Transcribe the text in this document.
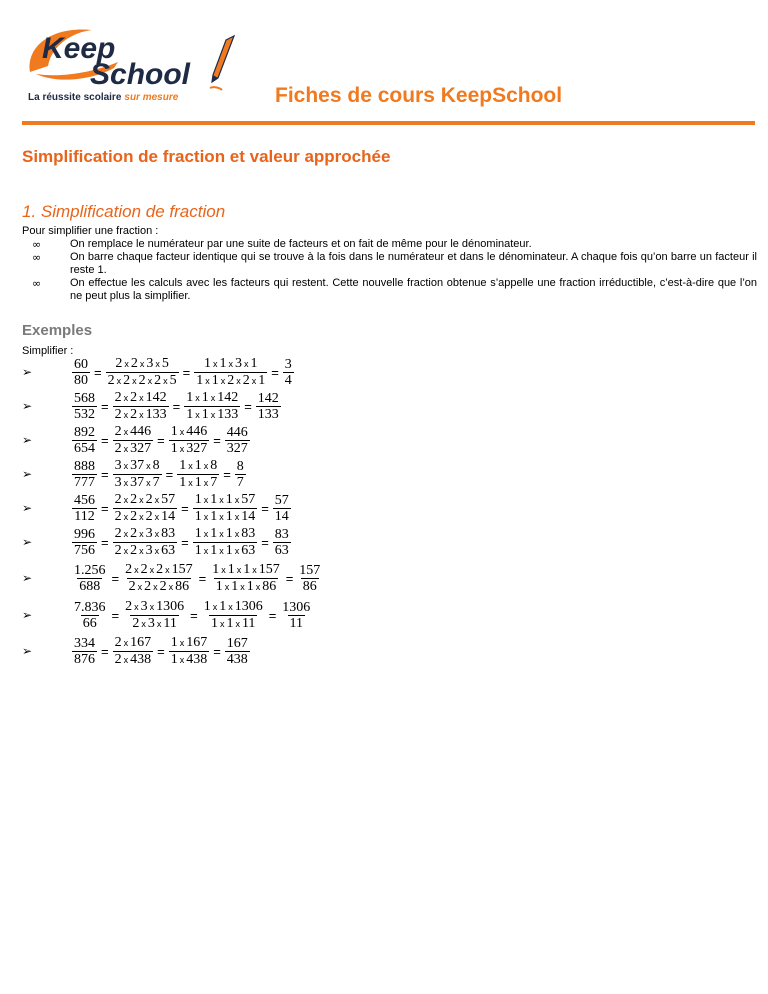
Keep
School
La réussite scolaire sur mesure	Fiches de cours KeepSchool
Simplification de fraction et valeur approchée
1. Simplification de fraction

Pour simplifier une fraction :

∞	On remplace le numérateur par une suite de facteurs et on fait de même pour le dénominateur.
∞	On barre chaque facteur identique qui se trouve à la fois dans le numérateur et dans le dénominateur. A chaque fois qu’on barre un facteur il reste 1.
∞	On effectue les calculs avec les facteurs qui restent. Cette nouvelle fraction obtenue s’appelle une fraction irréductible, c’est-à-dire que l’on ne peut plus la simplifier.
Exemples

Simplifier :

➢	$\frac{60}{80} = \frac{2 x 2 x 3 x 5}{2 x 2 x 2 x 2 x 5} = \frac{1 x 1 x 3 x 1}{1 x 1 x 2 x 2 x 1} = \frac{3}{4}$
➢	$\frac{568}{532} = \frac{2 x 2 x 142}{2 x 2 x 133} = \frac{1 x 1 x 142}{1 x 1 x 133} = \frac{142}{133}$
➢	$\frac{892}{654} = \frac{2 x 446}{2 x 327} = \frac{1 x 446}{1 x 327} = \frac{446}{327}$
➢	$\frac{888}{777} = \frac{3 x 37 x 8}{3 x 37 x 7} = \frac{1 x 1 x 8}{1 x 1 x 7} = \frac{8}{7}$
➢	$\frac{456}{112} = \frac{2 x 2 x 2 x 57}{2 x 2 x 2 x 14} = \frac{1 x 1 x 1 x 57}{1 x 1 x 1 x 14} = \frac{57}{14}$
➢	$\frac{996}{756} = \frac{2 x 2 x 3 x 83}{2 x 2 x 3 x 63} = \frac{1 x 1 x 1 x 83}{1 x 1 x 1 x 63} = \frac{83}{63}$
➢	$\frac{1.256}{688} = \frac{2 x 2 x 2 x 157}{2 x 2 x 2 x 86} = \frac{1 x 1 x 1 x 157}{1 x 1 x 1 x 86} = \frac{157}{86}$
➢	$\frac{7.836}{66} = \frac{2 x 3 x 1306}{2 x 3 x 11} = \frac{1 x 1 x 1306}{1 x 1 x 11} = \frac{1306}{11}$
➢	$\frac{334}{876} = \frac{2 x 167}{2 x 438} = \frac{1 x 167}{1 x 438} = \frac{167}{438}$
